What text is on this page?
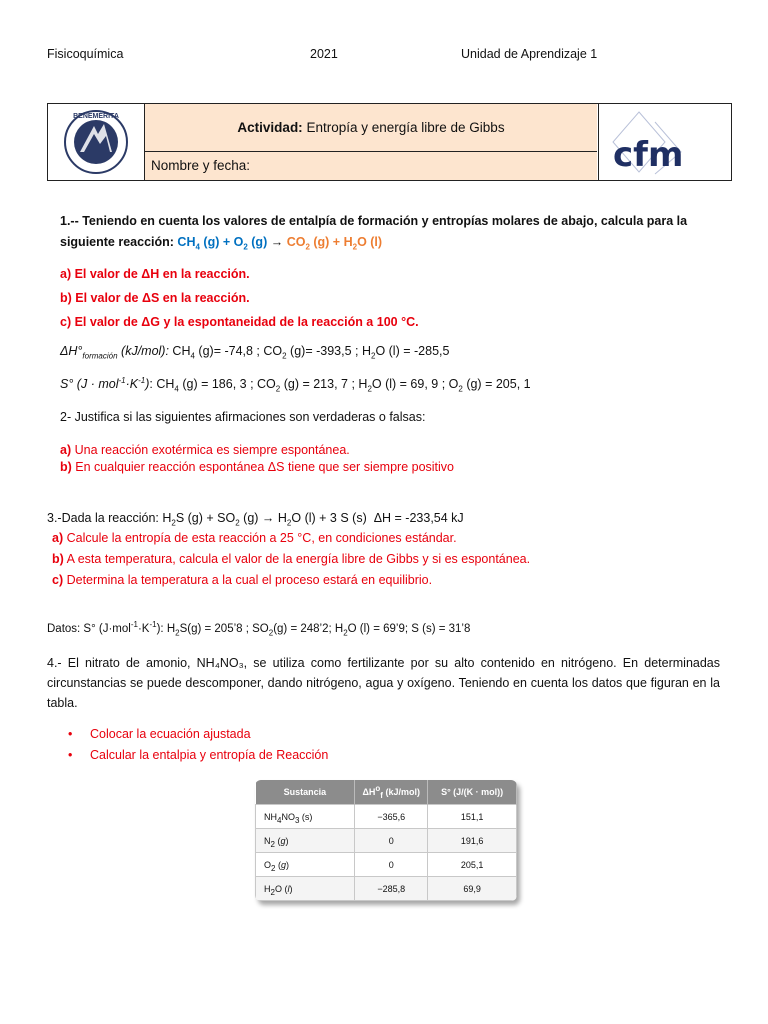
Fisicoquímica	2021	Unidad de Aprendizaje 1
BENEMÉRITA
Actividad: Entropía y energía libre de Gibbs
Nombre y fecha:	cfm
1.-- Teniendo en cuenta los valores de entalpía de formación y entropías molares de abajo, calcula para la
siguiente reacción: $CH_4$ $(g) + O_2$ $(g) \to CO_2$ $(g) + H_2O$ (l)
a) El valor de ΔH en la reacción.
b) El valor de ΔS en la reacción.
c) El valor de ΔG y la espontaneidad de la reacción a 100 °C.
$\Delta H^\circ_{formación}$ (kJ/mol): $CH_4$ (g)= -74,8 ; $CO_2$ (g)= -393,5 ; $H_2O$ (l) = -285,5
S° $(J \cdot mol^{-1}\cdot K^{-1})$: $CH_4$ (g) = 186, 3 ; $CO_2$ (g) = 213, 7 ; $H_2O$ (l) = 69, 9 ; $O_2$ (g) = 205, 1
2- Justifica si las siguientes afirmaciones son verdaderas o falsas:
a) Una reacción exotérmica es siempre espontánea.
b) En cualquier reacción espontánea ΔS tiene que ser siempre positivo
3.-Dada la reacción: $H_2S$ $(g) + SO_2$ $(g) \to H_2O$ (l) + 3 S (s)  ΔH = -233,54 kJ
a) Calcule la entropía de esta reacción a 25 °C, en condiciones estándar.
b) A esta temperatura, calcula el valor de la energía libre de Gibbs y si es espontánea.
c) Determina la temperatura a la cual el proceso estará en equilibrio.
Datos: S° $(J\cdot mol^{-1}\cdot K^{-1})$: $H_2S(g)$ = 205’8 ; $SO_2(g)$ = 248’2; $H_2O$ (l) = 69’9; S (s) = 31’8
4.- El nitrato de amonio, NH₄NO₃, se utiliza como fertilizante por su alto contenido en nitrógeno. En determinadas
circunstancias se puede descomponer, dando nitrógeno, agua y oxígeno. Teniendo en cuenta los datos que figuran en la
tabla.
• Colocar la ecuación ajustada
• Calcular la entalpia y entropía de Reacción
Sustancia	$\Delta H^o_f$ (kJ/mol)	S° (J/(K · mol))
$NH_4NO_3$ (s)	−365,6	151,1
$N_2$ (g)	0	191,6
$O_2$ (g)	0	205,1
$H_2O$ (l)	−285,8	69,9
